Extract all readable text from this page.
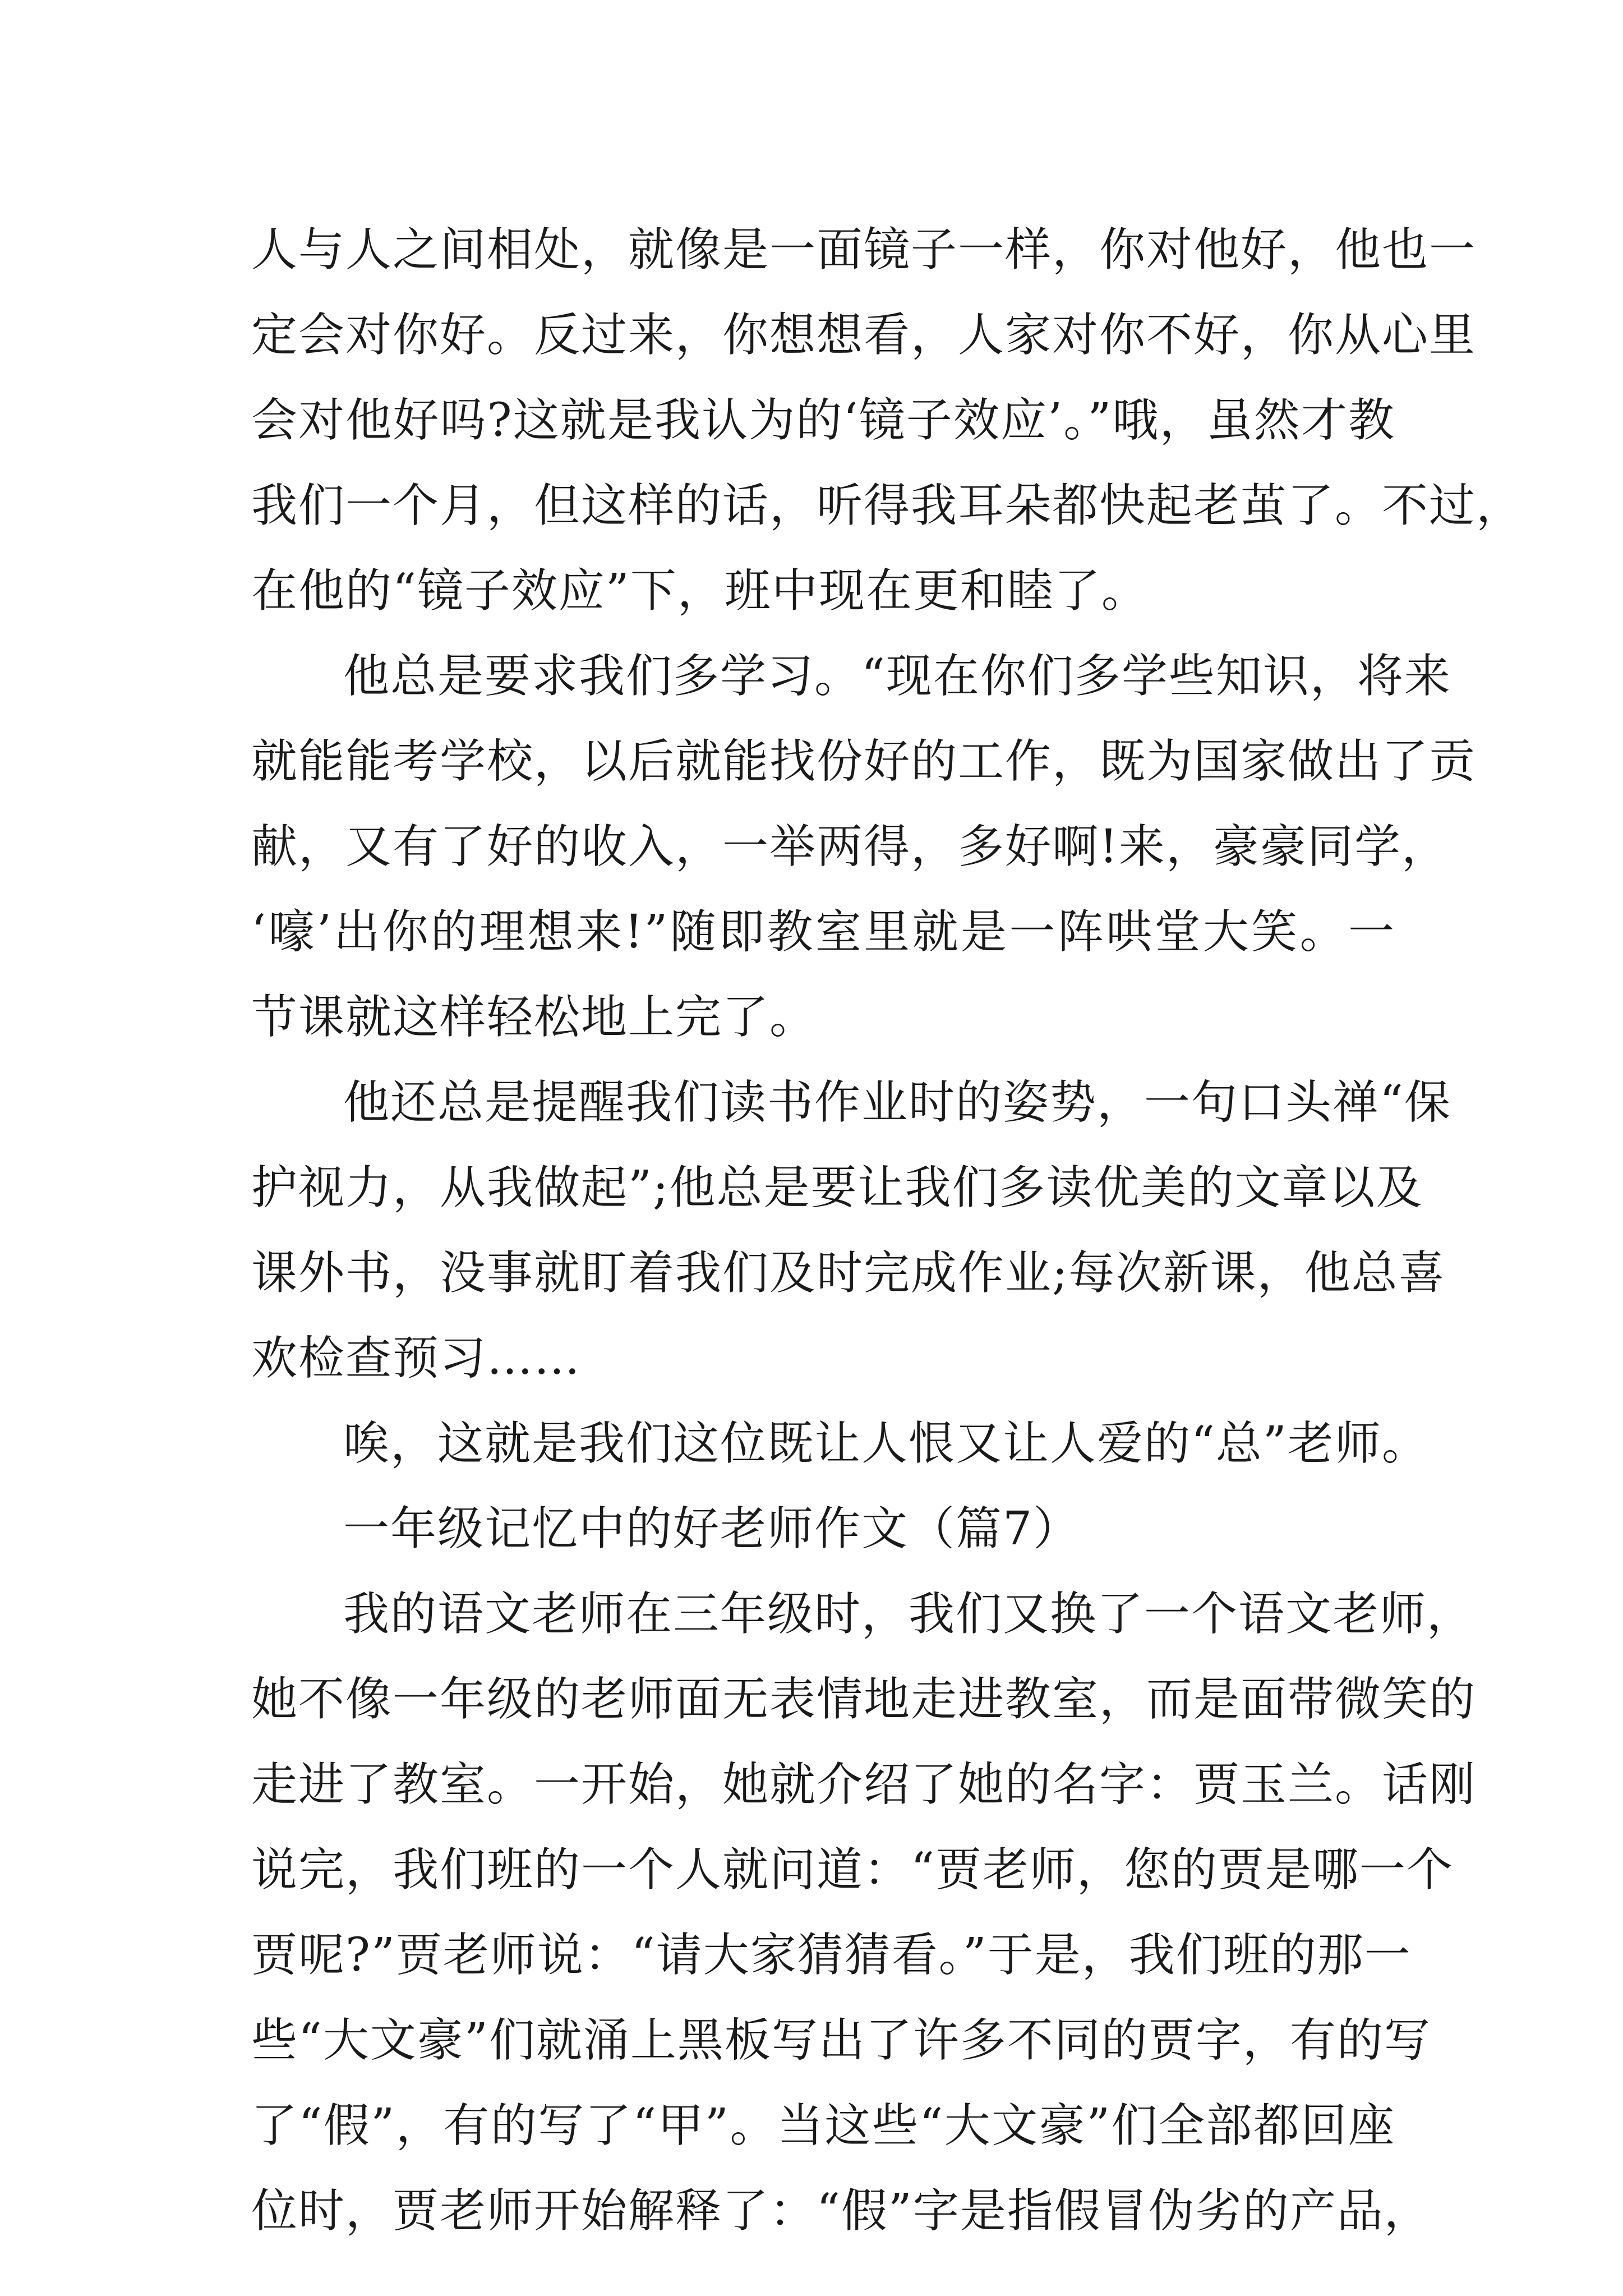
人与人之间相处，就像是一面镜子一样，你对他好，他也一
定会对你好。反过来，你想想看，人家对你不好，你从心里
会对他好吗?这就是我认为的‘镜子效应’。”哦，虽然才教
我们一个月，但这样的话，听得我耳朵都快起老茧了。不过，
在他的“镜子效应”下，班中现在更和睦了。
他总是要求我们多学习。“现在你们多学些知识，将来
就能能考学校，以后就能找份好的工作，既为国家做出了贡
献，又有了好的收入，一举两得，多好啊!来，豪豪同学，
‘嚎’出你的理想来!”随即教室里就是一阵哄堂大笑。一
节课就这样轻松地上完了。
他还总是提醒我们读书作业时的姿势，一句口头禅“保
护视力，从我做起”;他总是要让我们多读优美的文章以及
课外书，没事就盯着我们及时完成作业;每次新课，他总喜
欢检查预习……
唉，这就是我们这位既让人恨又让人爱的“总”老师。
一年级记忆中的好老师作文（篇7）
我的语文老师在三年级时，我们又换了一个语文老师，
她不像一年级的老师面无表情地走进教室，而是面带微笑的
走进了教室。一开始，她就介绍了她的名字：贾玉兰。话刚
说完，我们班的一个人就问道：“贾老师，您的贾是哪一个
贾呢?”贾老师说：“请大家猜猜看。”于是，我们班的那一
些“大文豪”们就涌上黑板写出了许多不同的贾字，有的写
了“假”，有的写了“甲”。当这些“大文豪”们全部都回座
位时，贾老师开始解释了：“假”字是指假冒伪劣的产品，
